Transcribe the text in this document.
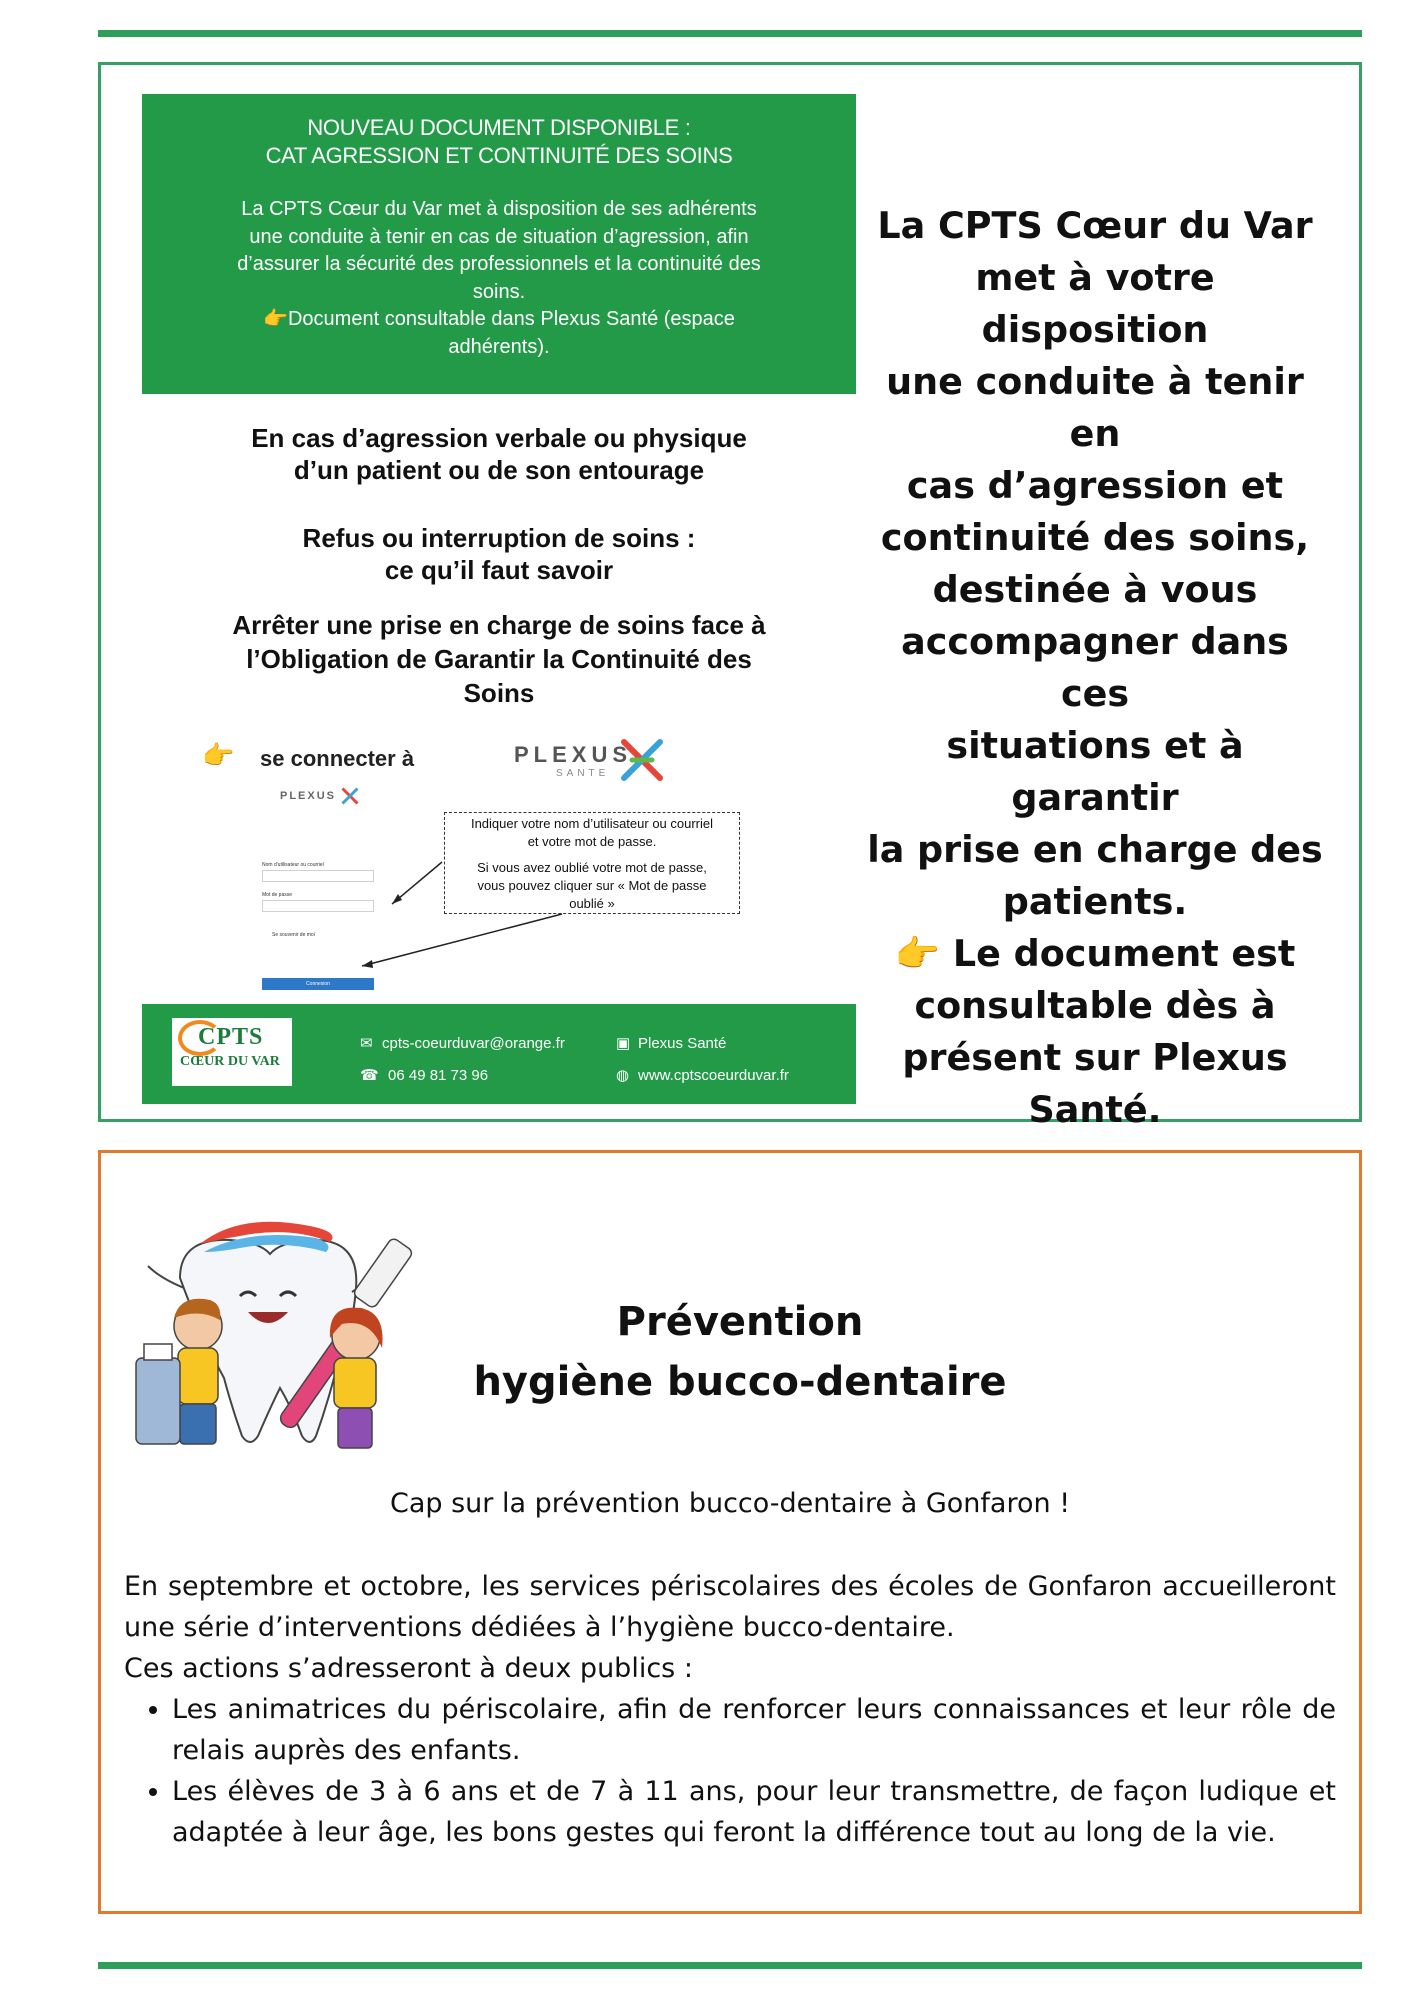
NOUVEAU DOCUMENT DISPONIBLE :
CAT AGRESSION ET CONTINUITÉ DES SOINS
La CPTS Cœur du Var met à disposition de ses adhérents
une conduite à tenir en cas de situation d’agression, afin
d’assurer la sécurité des professionnels et la continuité des
soins.
👉Document consultable dans Plexus Santé (espace
adhérents).
En cas d’agression verbale ou physique
d’un patient ou de son entourage
Refus ou interruption de soins :
ce qu’il faut savoir
Arrêter une prise en charge de soins face à
l’Obligation de Garantir la Continuité des
Soins
👉 se connecter à	PLEXUS
SANTE
PLEXUS
Nom d'utilisateur ou courriel
Mot de passe
Se souvenir de moi
Connexion

Indiquer votre nom d’utilisateur ou courriel
et votre mot de passe.

Si vous avez oublié votre mot de passe,
vous pouvez cliquer sur « Mot de passe
oublié »

CPTS
CŒUR DU VAR
✉ cpts-coeurduvar@orange.fr
☎ 06 49 81 73 96
▣ Plexus Santé
◍ www.cptscoeurduvar.fr
La CPTS Cœur du Var
met à votre disposition
une conduite à tenir en
cas d’agression et
continuité des soins,
destinée à vous
accompagner dans ces
situations et à garantir
la prise en charge des
patients.
👉 Le document est
consultable dès à
présent sur Plexus
Santé.
Prévention
hygiène bucco-dentaire
Cap sur la prévention bucco-dentaire à Gonfaron !

En septembre et octobre, les services périscolaires des écoles de Gonfaron accueilleront une série d’interventions dédiées à l’hygiène bucco-dentaire.

Ces actions s’adresseront à deux publics :

• Les animatrices du périscolaire, afin de renforcer leurs connaissances et leur rôle de relais auprès des enfants.
• Les élèves de 3 à 6 ans et de 7 à 11 ans, pour leur transmettre, de façon ludique et adaptée à leur âge, les bons gestes qui feront la différence tout au long de la vie.
